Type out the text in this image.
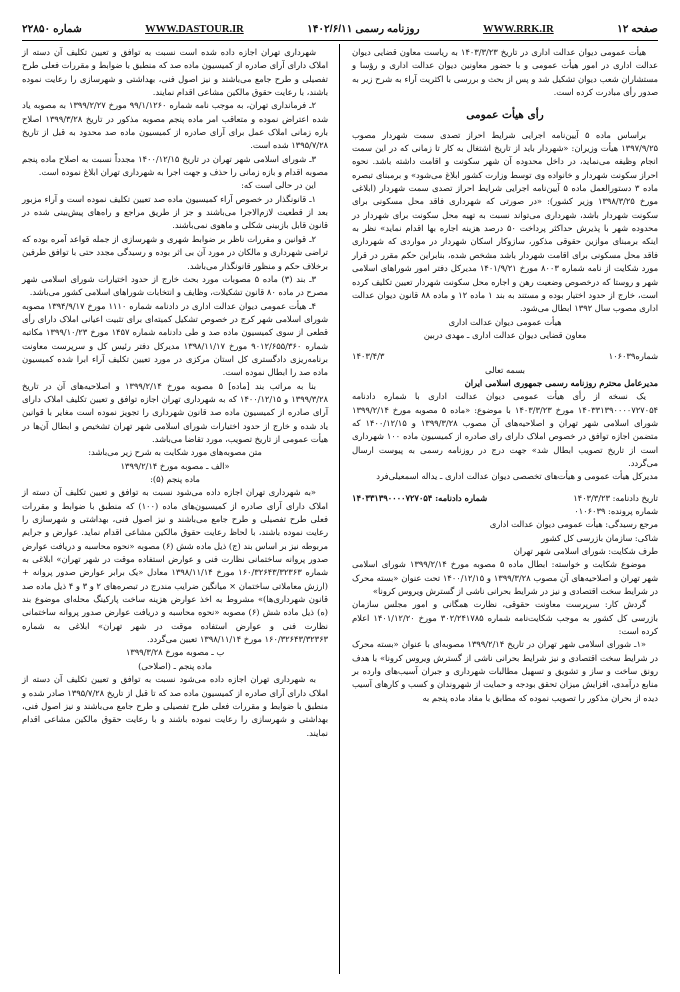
شماره ۲۲۸۵۰	WWW.DASTOUR.IR	روزنامه رسمی ۱۴۰۲/۶/۱۱	WWW.RRK.IR	صفحه ۱۲

هیأت عمومی دیوان عدالت اداری در تاریخ ۱۴۰۳/۳/۲۳ به ریاست معاون قضایی دیوان عدالت اداری در امور هیأت عمومی و با حضور معاونین دیوان عدالت اداری و رؤسا و مستشاران شعب دیوان تشکیل شد و پس از بحث و بررسی با اکثریت آراء به شرح زیر به صدور رأی مبادرت کرده است.

رأی هیأت عمومی

براساس ماده ۵ آیین‌نامه اجرایی شرایط احراز تصدی سمت شهردار مصوب ۱۳۹۷/۹/۲۵ هیأت وزیران: «شهردار باید از تاریخ اشتغال به کار تا زمانی که در این سمت انجام وظیفه می‌نماید، در داخل محدوده آن شهر سکونت و اقامت داشته باشد. نحوه احراز سکونت شهردار و خانواده وی توسط وزارت کشور ابلاغ می‌شود» و برمبنای تبصره ماده ۳ دستورالعمل ماده ۵ آیین‌نامه اجرایی شرایط احراز تصدی سمت شهردار (ابلاغی مورخ ۱۳۹۸/۳/۲۵ وزیر کشور): «در صورتی که شهرداری فاقد محل مسکونی برای سکونت شهردار باشد، شهرداری می‌تواند نسبت به تهیه محل سکونت برای شهردار در محدوده شهر با پذیرش حداکثر پرداخت ۵۰ درصد هزینه اجاره بها اقدام نماید» نظر به اینکه برمبنای موازین حقوقی مذکور، سازوکار اسکان شهردار در مواردی که شهرداری فاقد محل مسکونی برای اقامت شهردار باشد مشخص شده، بنابراین حکم مقرر در قرار مورد شکایت از نامه شماره ۸۰۰۳ مورخ ۱۴۰۱/۹/۲۱ مدیرکل دفتر امور شوراهای اسلامی شهر و روستا که درخصوص وضعیت رهن و اجاره محل سکونت شهردار تعیین تکلیف کرده است، خارج از حدود اختیار بوده و مستند به بند ۱ ماده ۱۲ و ماده ۸۸ قانون دیوان عدالت اداری مصوب سال ۱۳۹۲ ابطال می‌شود.

هیأت عمومی دیوان عدالت اداری

معاون قضایی دیوان عدالت اداری ـ مهدی دربین

شماره۱۰۶۰۳۹
۱۴۰۳/۴/۳

بسمه تعالی

مدیرعامل محترم روزنامه رسمی جمهوری اسلامی ایران

یک نسخه از رأی هیأت عمومی دیوان عدالت اداری با شماره دادنامه ۱۴۰۳۳۱۳۹۰۰۰۰۷۲۷۰۵۴ مورخ ۱۴۰۳/۳/۲۳ با موضوع: «ماده ۵ مصوبه مورخ ۱۳۹۹/۲/۱۴ شورای اسلامی شهر تهران و اصلاحیه‌های آن مصوب ۱۳۹۹/۳/۲۸ و ۱۴۰۰/۱۲/۱۵ که متضمن اجازه توافق در خصوص املاک دارای رای صادره از کمیسیون ماده ۱۰۰ شهرداری است از تاریخ تصویب ابطال شد» جهت درج در روزنامه رسمی به پیوست ارسال می‌گردد.

مدیرکل هیأت عمومی و هیأت‌های تخصصی دیوان عدالت اداری ـ یداله اسمعیلی‌فرد

تاریخ دادنامه: ۱۴۰۳/۳/۲۳
شماره دادنامه: ۱۴۰۳۳۱۳۹۰۰۰۰۷۲۷۰۵۴

شماره پرونده: ۰۱۰۶۰۳۹

مرجع رسیدگی: هیأت عمومی دیوان عدالت اداری

شاکی: سازمان بازرسی کل کشور

طرف شکایت: شورای اسلامی شهر تهران

موضوع شکایت و خواسته: ابطال ماده ۵ مصوبه مورخ ۱۳۹۹/۲/۱۴ شورای اسلامی شهر تهران و اصلاحیه‌های آن مصوب ۱۳۹۹/۳/۲۸ و ۱۴۰۰/۱۲/۱۵ تحت عنوان «بسته محرک در شرایط سخت اقتصادی و نیز در شرایط بحرانی ناشی از گسترش ویروس کرونا»

گردش کار: سرپرست معاونت حقوقی، نظارت همگانی و امور مجلس سازمان بازرسی کل کشور به موجب شکایت‌نامه شماره ۳۰۲/۲۴۱۷۸۵ مورخ ۱۴۰۱/۱۲/۲۰ اعلام کرده است:

«۱ـ شورای اسلامی شهر تهران در تاریخ ۱۳۹۹/۲/۱۴ مصوبه‌ای با عنوان «بسته محرک در شرایط سخت اقتصادی و نیز شرایط بحرانی ناشی از گسترش ویروس کرونا» با هدف رونق ساخت و ساز و تشویق و تسهیل مطالبات شهرداری و جبران آسیب‌های وارده بر منابع درآمدی، افزایش میزان تحقق بودجه و حمایت از شهروندان و کسب و کارهای آسیب دیده از بحران مذکور را تصویب نموده که مطابق با مفاد ماده پنجم به

شهرداری تهران اجازه داده شده است نسبت به توافق و تعیین تکلیف آن دسته از املاک دارای آرای صادره از کمیسیون ماده صد که منطبق با ضوابط و مقررات فعلی طرح تفصیلی و طرح جامع می‌باشند و نیز اصول فنی، بهداشتی و شهرسازی را رعایت نموده باشند، با رعایت حقوق مالکین مشاعی اقدام نمایند.

۲ـ فرمانداری تهران، به موجب نامه شماره ۹۹/۱/۱۲۶۰ مورخ ۱۳۹۹/۲/۲۷ به مصوبه یاد شده اعتراض نموده و متعاقب امر ماده پنجم مصوبه مذکور در تاریخ ۱۳۹۹/۳/۲۸ اصلاح باره زمانی املاک عمل برای آرای صادره از کمیسیون ماده صد محدود به قبل از تاریخ ۱۳۹۵/۷/۲۸ شده است.

۳ـ شورای اسلامی شهر تهران در تاریخ ۱۴۰۰/۱۲/۱۵ مجدداً نسبت به اصلاح ماده پنجم مصوبه اقدام و بازه زمانی را حذف و جهت اجرا به شهرداری تهران ابلاغ نموده است.

این در حالی است که:

۱ـ قانونگذار در خصوص آراء کمیسیون ماده صد تعیین تکلیف نموده است و آراء مزبور بعد از قطعیت لازم‌الاجرا می‌باشند و جز از طریق مراجع و راه‌های پیش‌بینی شده در قانون قابل بازبینی شکلی و ماهوی نمی‌باشند.

۲ـ قوانین و مقررات ناظر بر ضوابط شهری و شهرسازی از جمله قواعد آمره بوده که تراضی شهرداری و مالکان در مورد آن بی اثر بوده و رسیدگی مجدد حتی با توافق طرفین برخلاف حکم و منظور قانونگذار می‌باشد.

۳ـ بند (۳) ماده ۵ مصوبات مورد بحث خارج از حدود اختیارات شورای اسلامی شهر مصرح در ماده ۸۰ قانون تشکیلات، وظایف و انتخابات شوراهای اسلامی کشور می‌باشد.

۴ـ هیأت عمومی دیوان عدالت اداری در دادنامه شماره ۱۱۱۰ مورخ ۱۳۹۴/۹/۱۷ مصوبه شورای اسلامی شهر کرج در خصوص تشکیل کمیته‌ای برای تثبیت اعیانی املاک دارای رأی قطعی از سوی کمیسیون ماده صد و طی دادنامه شماره ۱۴۵۷ مورخ ۱۳۹۹/۱۰/۲۳ مکاتبه شماره ۹۰۱۲/۶۵۵/۳۶۰ مورخ ۱۳۹۸/۱۱/۱۷ مدیرکل دفتر رئیس کل و سرپرست معاونت برنامه‌ریزی دادگستری کل استان مرکزی در مورد تعیین تکلیف آراء ابرا شده کمیسیون ماده صد را ابطال نموده است.

بنا به مراتب بند [ماده] ۵ مصوبه مورخ ۱۳۹۹/۲/۱۴ و اصلاحیه‌های آن در تاریخ ۱۳۹۹/۳/۲۸ و ۱۴۰۰/۱۲/۱۵ که به شهرداری تهران اجازه توافق و تعیین تکلیف املاک دارای آرای صادره از کمیسیون ماده صد قانون شهرداری را تجویز نموده است مغایر با قوانین یاد شده و خارج از حدود اختیارات شورای اسلامی شهر تهران تشخیص و ابطال آن‌ها در هیأت عمومی از تاریخ تصویب، مورد تقاضا می‌باشد.

متن مصوبه‌های مورد شکایت به شرح زیر می‌باشد:

«الف ـ مصوبه مورخ ۱۳۹۹/۲/۱۴

ماده پنجم (۵):

«به شهرداری تهران اجازه داده می‌شود نسبت به توافق و تعیین تکلیف آن دسته از املاک دارای آرای صادره از کمیسیون‌های ماده (۱۰۰) که منطبق با ضوابط و مقررات فعلی طرح تفصیلی و طرح جامع می‌باشند و نیز اصول فنی، بهداشتی و شهرسازی را رعایت نموده باشند، با لحاظ رعایت حقوق مالکین مشاعی اقدام نماید. عوارض و جرایم مربوطه نیز بر اساس بند (ج) ذیل ماده شش (۶) مصوبه «نحوه محاسبه و دریافت عوارض صدور پروانه ساختمانی نظارت فنی و عوارض استفاده موقت در شهر تهران» ابلاغی به شماره ۱۶۰/۳۲۶۴۳/۳۲۳۶۳ مورخ ۱۳۹۸/۱۱/۱۴ معادل «یک برابر عوارض صدور پروانه + (ارزش معاملاتی ساختمان × میانگین ضرایب مندرج در تبصره‌های ۲ و ۳ و ۴ ذیل ماده صد قانون شهرداری‌ها)» مشروط به اخذ عوارض هزینه ساخت پارکینگ محله‌ای موضوع بند (ه) ذیل ماده شش (۶) مصوبه «نحوه محاسبه و دریافت عوارض صدور پروانه ساختمانی نظارت فنی و عوارض استفاده موقت در شهر تهران» ابلاغی به شماره ۱۶۰/۳۲۶۴۳/۳۲۳۶۳ مورخ ۱۳۹۸/۱۱/۱۴ تعیین می‌گردد.

ب ـ مصوبه مورخ ۱۳۹۹/۳/۲۸

ماده پنجم ـ (اصلاحی)

به شهرداری تهران اجازه داده می‌شود نسبت به توافق و تعیین تکلیف آن دسته از املاک دارای آرای صادره از کمیسیون ماده صد که تا قبل از تاریخ ۱۳۹۵/۷/۲۸ صادر شده و منطبق با ضوابط و مقررات فعلی طرح تفصیلی و طرح جامع می‌باشند و نیز اصول فنی، بهداشتی و شهرسازی را رعایت نموده باشند و با رعایت حقوق مالکین مشاعی اقدام نمایند.
